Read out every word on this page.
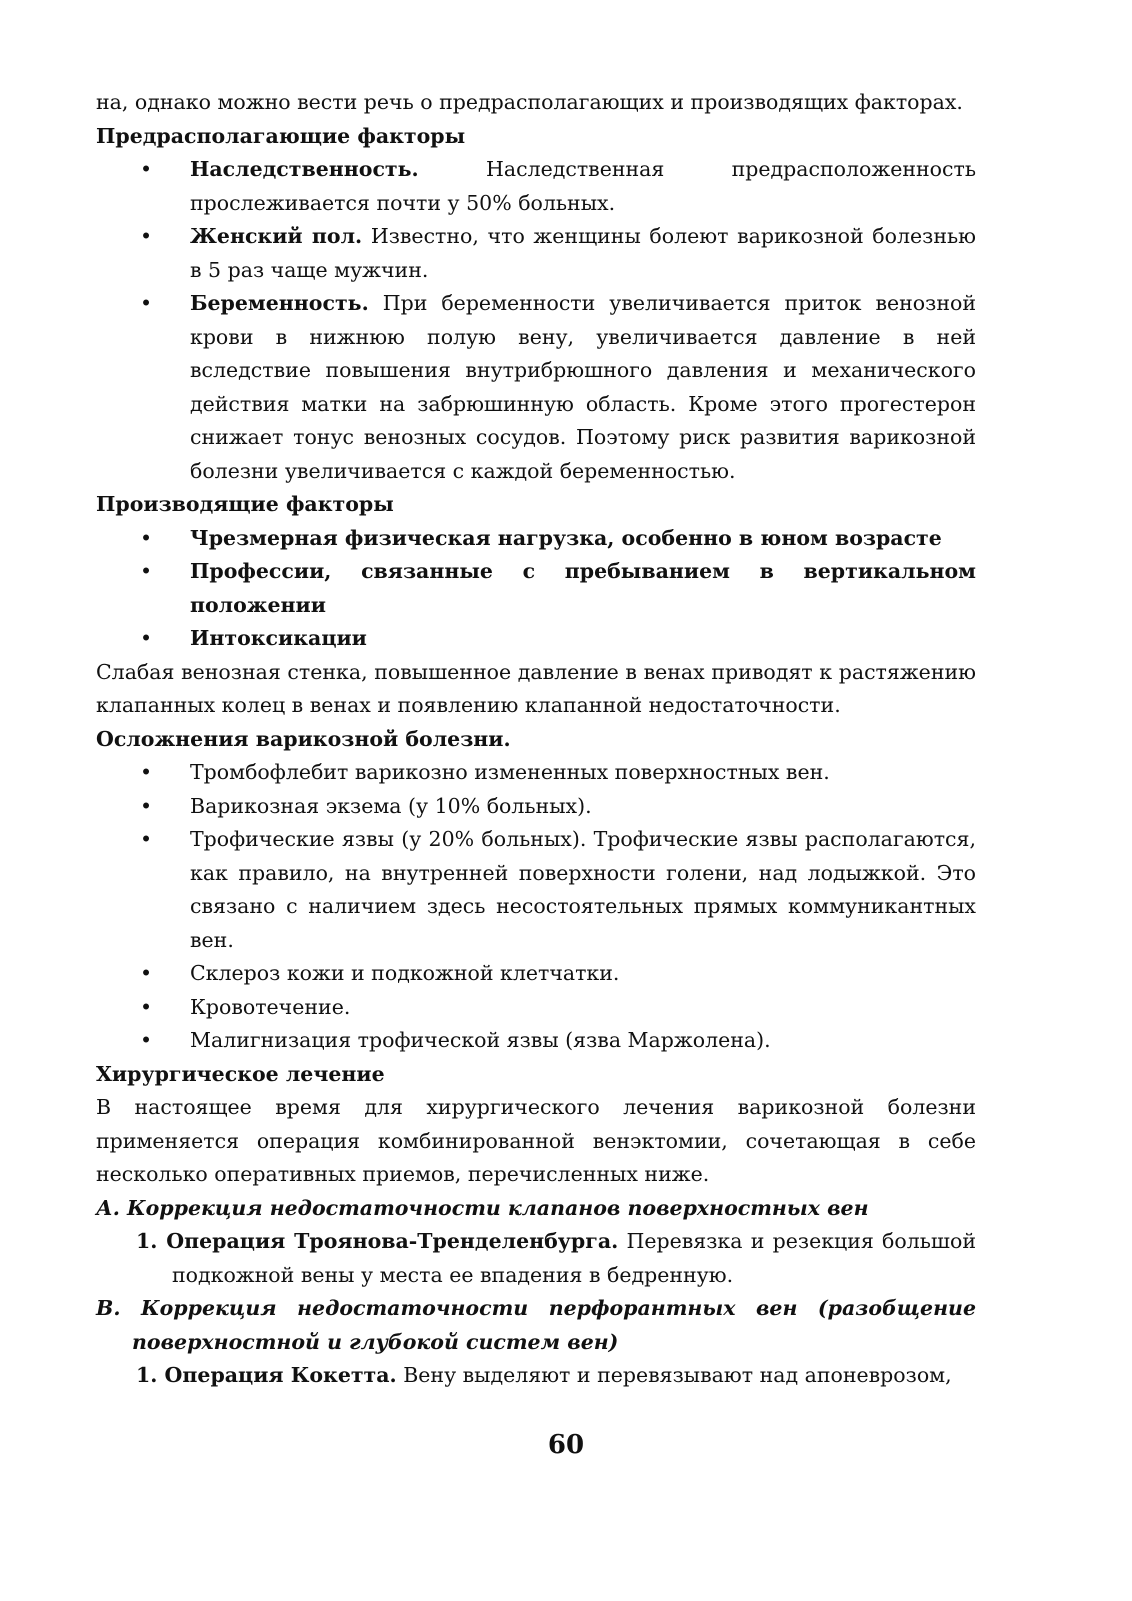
на, однако можно вести речь о предрасполагающих и производящих факторах.

Предрасполагающие факторы

• Наследственность. Наследственная предрасположенность прослеживается почти у 50% больных.
• Женский пол. Известно, что женщины болеют варикозной болезнью в 5 раз чаще мужчин.
• Беременность. При беременности увеличивается приток венозной крови в нижнюю полую вену, увеличивается давление в ней вследствие повышения внутрибрюшного давления и механического действия матки на забрюшинную область. Кроме этого прогестерон снижает тонус венозных сосудов. Поэтому риск развития варикозной болезни увеличивается с каждой беременностью.

Производящие факторы

• Чрезмерная физическая нагрузка, особенно в юном возрасте
• Профессии, связанные с пребыванием в вертикальном положении
• Интоксикации

Слабая венозная стенка, повышенное давление в венах приводят к растяжению клапанных колец в венах и появлению клапанной недостаточности.

Осложнения варикозной болезни.

• Тромбофлебит варикозно измененных поверхностных вен.
• Варикозная экзема (у 10% больных).
• Трофические язвы (у 20% больных). Трофические язвы располагаются, как правило, на внутренней поверхности голени, над лодыжкой. Это связано с наличием здесь несостоятельных прямых коммуникантных вен.
• Склероз кожи и подкожной клетчатки.
• Кровотечение.
• Малигнизация трофической язвы (язва Маржолена).

Хирургическое лечение

В настоящее время для хирургического лечения варикозной болезни применяется операция комбинированной венэктомии, сочетающая в себе несколько оперативных приемов, перечисленных ниже.

А. Коррекция недостаточности клапанов поверхностных вен

1. Операция Троянова-Тренделенбурга. Перевязка и резекция большой подкожной вены у места ее впадения в бедренную.

В. Коррекция недостаточности перфорантных вен (разобщение поверхностной и глубокой систем вен)

1. Операция Кокетта. Вену выделяют и перевязывают над апоневрозом,

60
